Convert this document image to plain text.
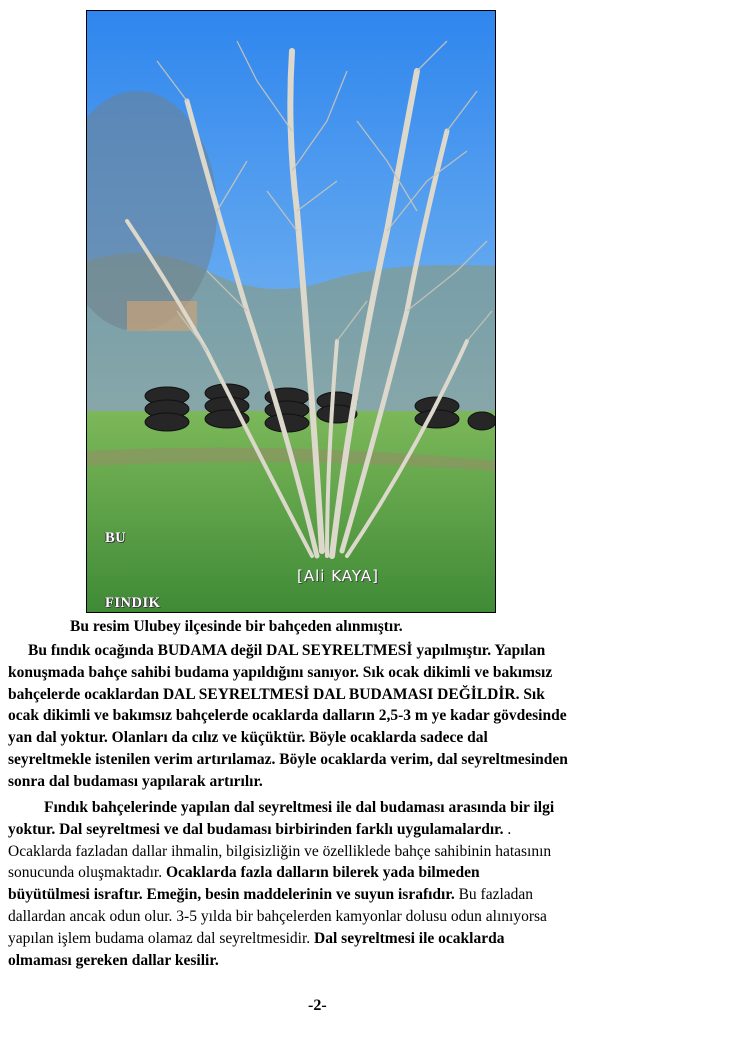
BU

FINDIK

[Ali KAYA]
Bu resim Ulubey ilçesinde bir bahçeden alınmıştır.
Bu fındık ocağında BUDAMA değil DAL SEYRELTMESİ yapılmıştır. Yapılan
konuşmada bahçe sahibi budama yapıldığını sanıyor. Sık ocak dikimli ve bakımsız
bahçelerde ocaklardan DAL SEYRELTMESİ DAL BUDAMASI DEĞİLDİR. Sık
ocak dikimli ve bakımsız bahçelerde ocaklarda dalların 2,5-3 m ye kadar gövdesinde
yan dal yoktur. Olanları da cılız ve küçüktür. Böyle ocaklarda sadece dal
seyreltmekle istenilen verim artırılamaz. Böyle ocaklarda verim, dal seyreltmesinden
sonra dal budaması yapılarak artırılır.
Fındık bahçelerinde yapılan dal seyreltmesi ile dal budaması arasında bir ilgi
yoktur. Dal seyreltmesi ve dal budaması birbirinden farklı uygulamalardır. .
Ocaklarda fazladan dallar ihmalin, bilgisizliğin ve özelliklede bahçe sahibinin hatasının
sonucunda oluşmaktadır. Ocaklarda fazla dalların bilerek yada bilmeden
büyütülmesi israftır. Emeğin, besin maddelerinin ve suyun israfıdır. Bu fazladan
dallardan ancak odun olur. 3-5 yılda bir bahçelerden kamyonlar dolusu odun alınıyorsa
yapılan işlem budama olamaz dal seyreltmesidir. Dal seyreltmesi ile ocaklarda
olmaması gereken dallar kesilir.
-2-
